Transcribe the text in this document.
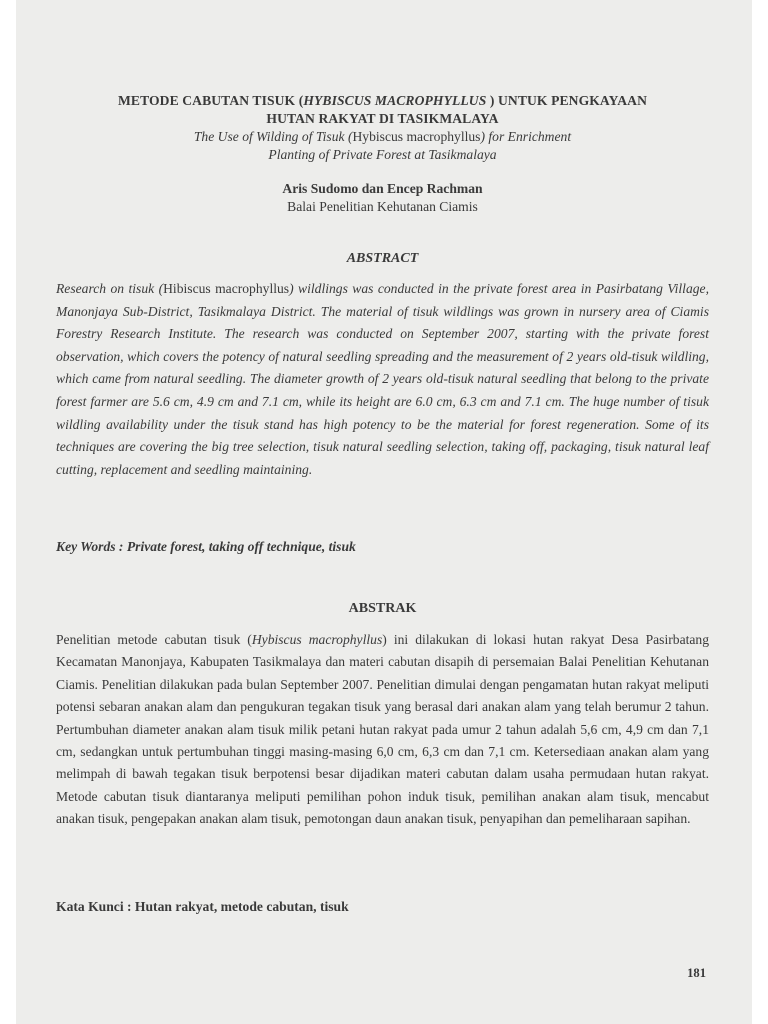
METODE CABUTAN TISUK (HYBISCUS MACROPHYLLUS ) UNTUK PENGKAYAAN

HUTAN RAKYAT DI TASIKMALAYA

The Use of Wilding of Tisuk (Hybiscus macrophyllus) for Enrichment

Planting of Private Forest at Tasikmalaya

Aris Sudomo dan Encep Rachman
Balai Penelitian Kehutanan Ciamis
ABSTRACT
Research on tisuk (Hibiscus macrophyllus) wildlings was conducted in the private forest area in Pasirbatang Village, Manonjaya Sub-District, Tasikmalaya District. The material of tisuk wildlings was grown in nursery area of Ciamis Forestry Research Institute. The research was conducted on September 2007, starting with the private forest observation, which covers the potency of natural seedling spreading and the measurement of 2 years old-tisuk wildling, which came from natural seedling. The diameter growth of 2 years old-tisuk natural seedling that belong to the private forest farmer are 5.6 cm, 4.9 cm and 7.1 cm, while its height are 6.0 cm, 6.3 cm and 7.1 cm. The huge number of tisuk wildling availability under the tisuk stand has high potency to be the material for forest regeneration. Some of its techniques are covering the big tree selection, tisuk natural seedling selection, taking off, packaging, tisuk natural leaf cutting, replacement and seedling maintaining.
Key Words : Private forest, taking off technique, tisuk
ABSTRAK
Penelitian metode cabutan tisuk (Hybiscus macrophyllus) ini dilakukan di lokasi hutan rakyat Desa Pasirbatang Kecamatan Manonjaya, Kabupaten Tasikmalaya dan materi cabutan disapih di persemaian Balai Penelitian Kehutanan Ciamis. Penelitian dilakukan pada bulan September 2007. Penelitian dimulai dengan pengamatan hutan rakyat meliputi potensi sebaran anakan alam dan pengukuran tegakan tisuk yang berasal dari anakan alam yang telah berumur 2 tahun. Pertumbuhan diameter anakan alam tisuk milik petani hutan rakyat pada umur 2 tahun adalah 5,6 cm, 4,9 cm dan 7,1 cm, sedangkan untuk pertumbuhan tinggi masing-masing 6,0 cm, 6,3 cm dan 7,1 cm. Ketersediaan anakan alam yang melimpah di bawah tegakan tisuk berpotensi besar dijadikan materi cabutan dalam usaha permudaan hutan rakyat. Metode cabutan tisuk diantaranya meliputi pemilihan pohon induk tisuk, pemilihan anakan alam tisuk, mencabut anakan tisuk, pengepakan anakan alam tisuk, pemotongan daun anakan tisuk, penyapihan dan pemeliharaan sapihan.
Kata Kunci : Hutan rakyat, metode cabutan, tisuk
181
